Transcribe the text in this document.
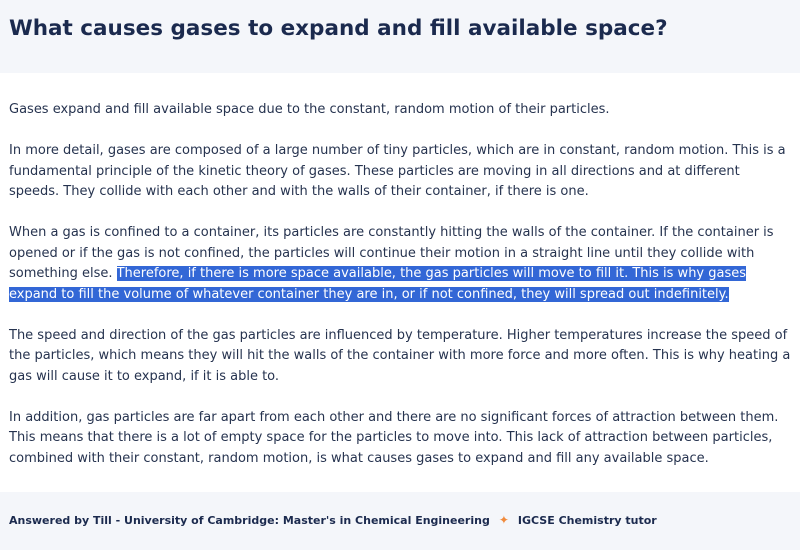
What causes gases to expand and fill available space?

Gases expand and fill available space due to the constant, random motion of their particles.

In more detail, gases are composed of a large number of tiny particles, which are in constant, random motion. This is a fundamental principle of the kinetic theory of gases. These particles are moving in all directions and at different speeds. They collide with each other and with the walls of their container, if there is one.

When a gas is confined to a container, its particles are constantly hitting the walls of the container. If the container is opened or if the gas is not confined, the particles will continue their motion in a straight line until they collide with something else. Therefore, if there is more space available, the gas particles will move to fill it. This is why gases expand to fill the volume of whatever container they are in, or if not confined, they will spread out indefinitely.

The speed and direction of the gas particles are influenced by temperature. Higher temperatures increase the speed of the particles, which means they will hit the walls of the container with more force and more often. This is why heating a gas will cause it to expand, if it is able to.

In addition, gas particles are far apart from each other and there are no significant forces of attraction between them. This means that there is a lot of empty space for the particles to move into. This lack of attraction between particles, combined with their constant, random motion, is what causes gases to expand and fill any available space.

Answered by Till - University of Cambridge: Master's in Chemical Engineering ✦ IGCSE Chemistry tutor
